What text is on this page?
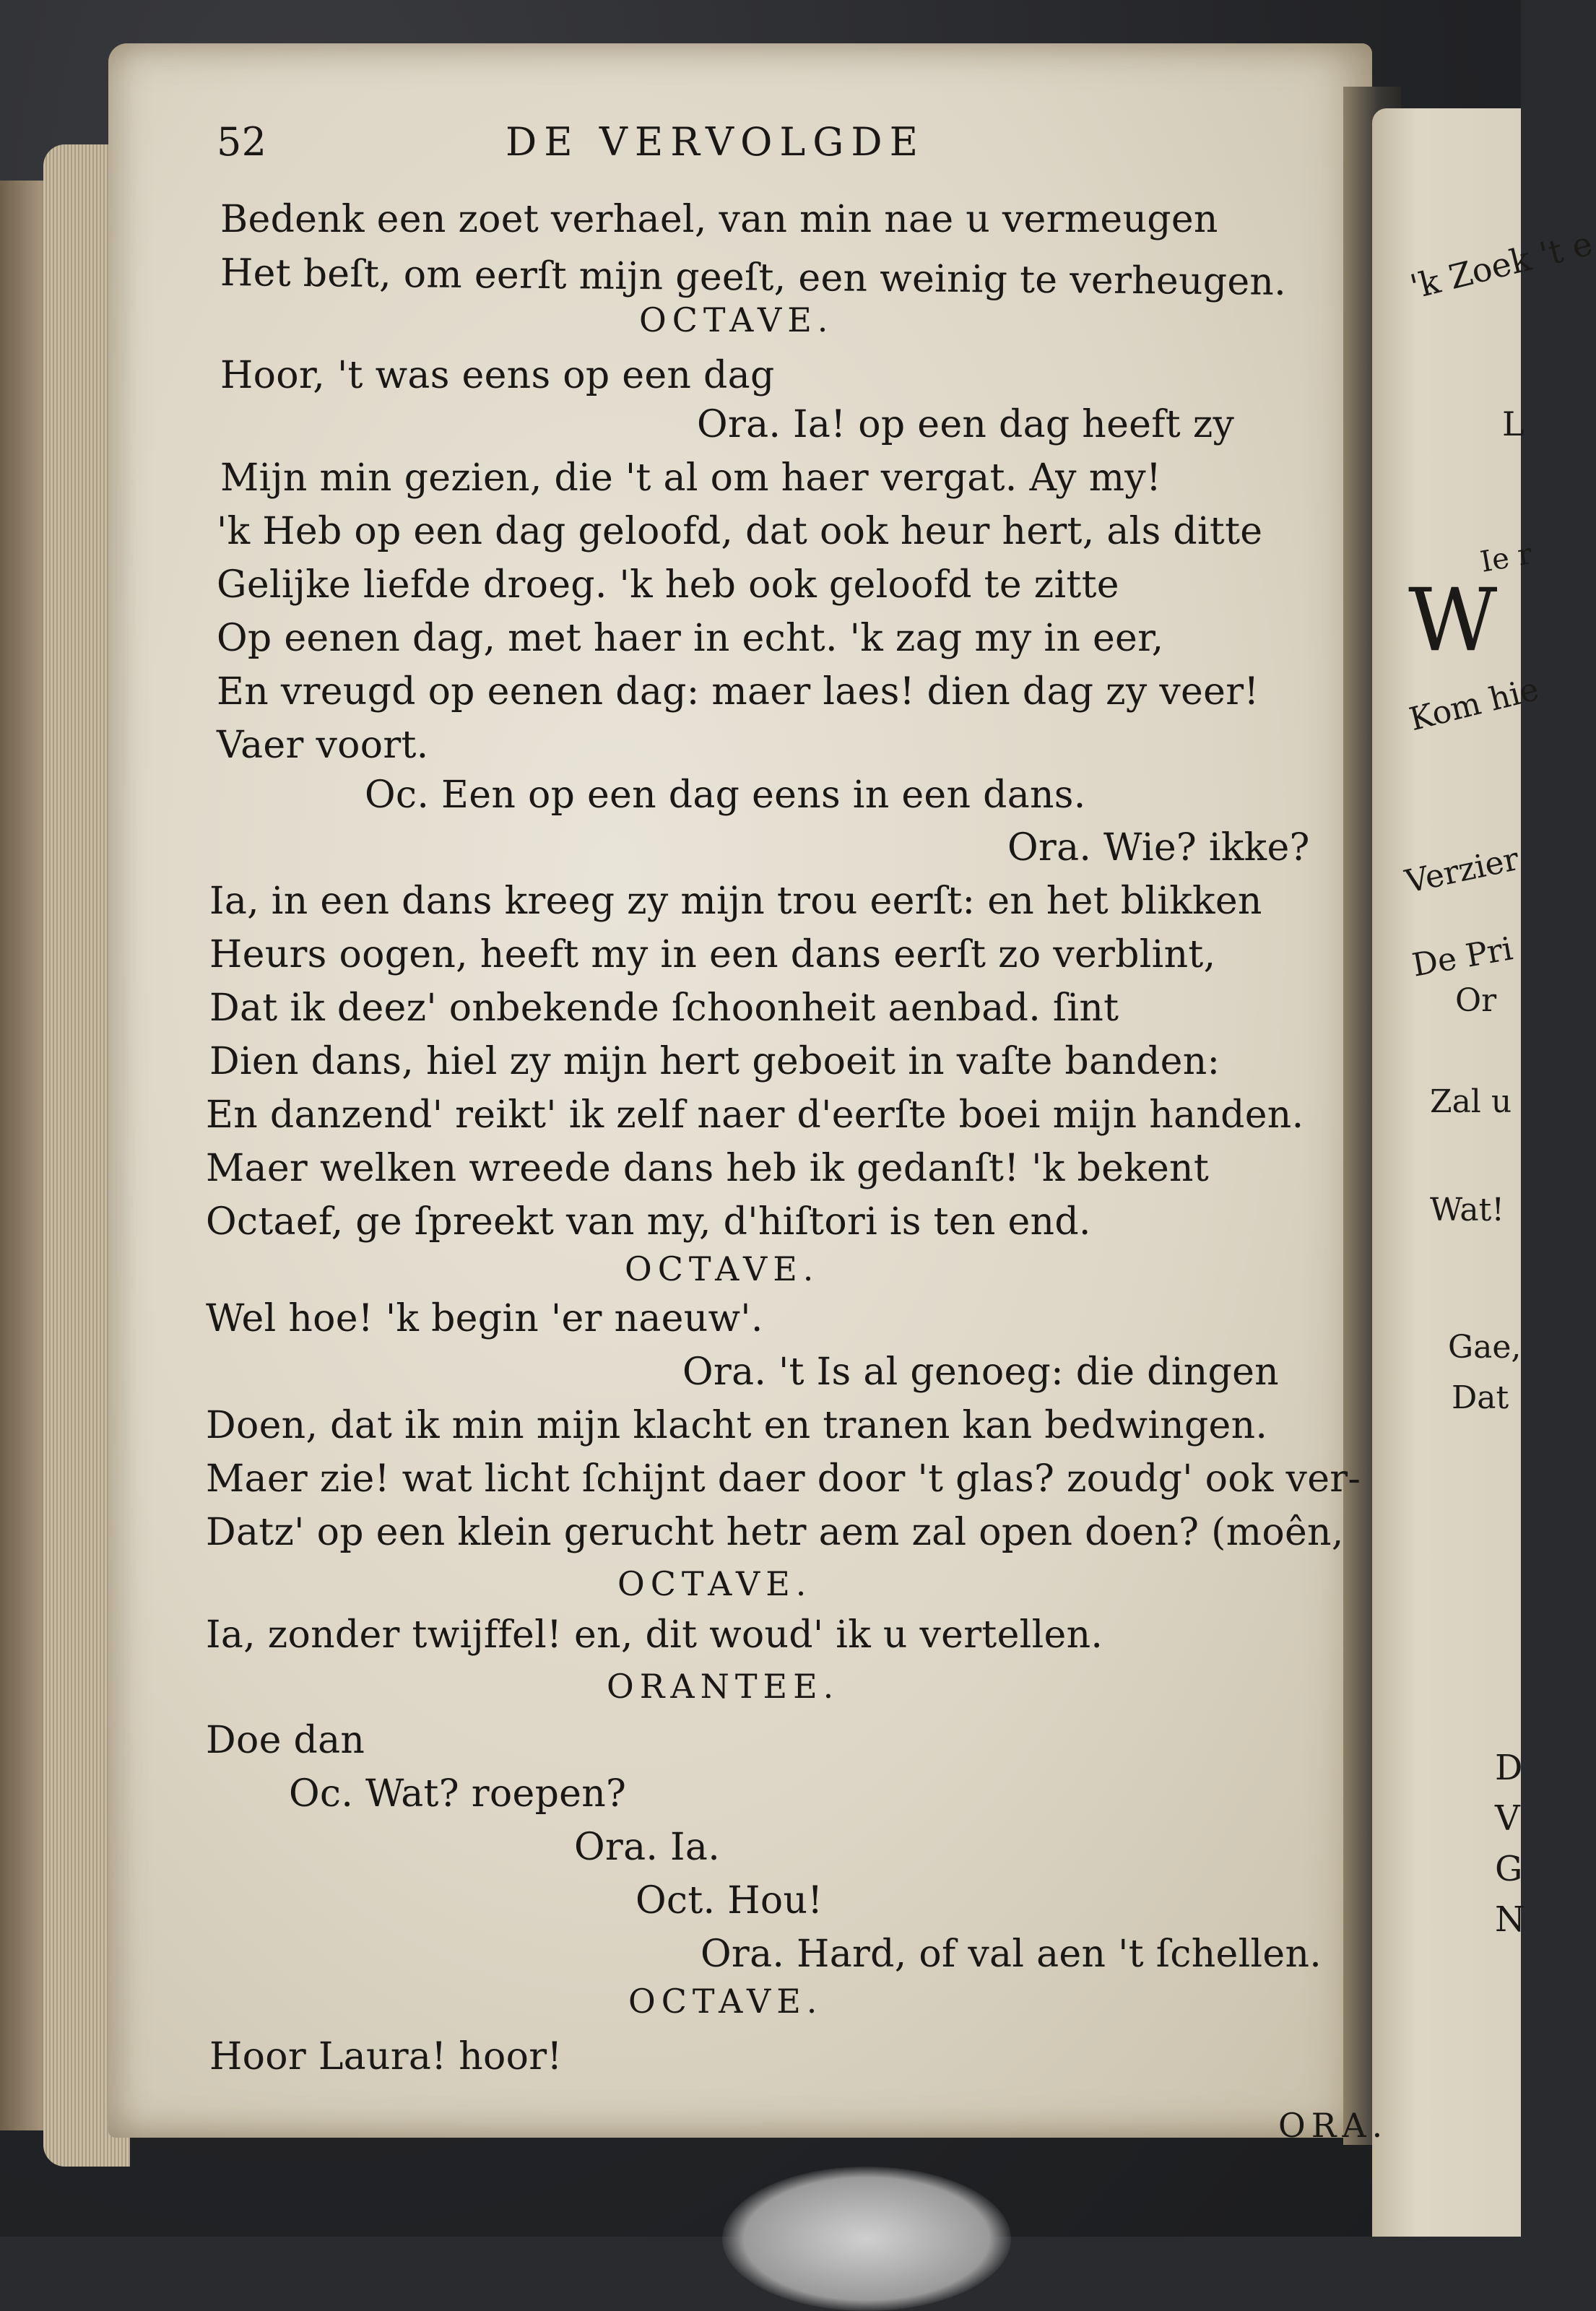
'k Zoek 't e
L
W
Ie r
Kom hie
Verzier
De Pri
Or
Zal u
Wat!
Gae,
Dat
D
V
G
N
52	DE VERVOLGDE
Bedenk een zoet verhael, van min nae u vermeugen
Het beſt, om eerſt mijn geeſt, een weinig te verheugen.
OCTAVE.
Hoor, 't was eens op een dag
Ora. Ia! op een dag heeft zy
Mijn min gezien, die 't al om haer vergat. Ay my!
'k Heb op een dag geloofd, dat ook heur hert, als ditte
Gelijke liefde droeg. 'k heb ook geloofd te zitte
Op eenen dag, met haer in echt. 'k zag my in eer,
En vreugd op eenen dag: maer laes! dien dag zy veer!
Vaer voort.
Oc. Een op een dag eens in een dans.
Ora. Wie? ikke?
Ia, in een dans kreeg zy mijn trou eerſt: en het blikken
Heurs oogen, heeft my in een dans eerſt zo verblint,
Dat ik deez' onbekende ſchoonheit aenbad. ſint
Dien dans, hiel zy mijn hert geboeit in vaſte banden:
En danzend' reikt' ik zelf naer d'eerſte boei mijn handen.
Maer welken wreede dans heb ik gedanſt! 'k bekent
Octaef, ge ſpreekt van my, d'hiſtori is ten end.
OCTAVE.
Wel hoe! 'k begin 'er naeuw'.
Ora. 't Is al genoeg: die dingen
Doen, dat ik min mijn klacht en tranen kan bedwingen.
Maer zie! wat licht ſchijnt daer door 't glas? zoudg' ook ver-
Datz' op een klein gerucht hetr aem zal open doen? (moên,
OCTAVE.
Ia, zonder twijffel! en, dit woud' ik u vertellen.
ORANTEE.
Doe dan
Oc. Wat? roepen?
Ora. Ia.
Oct. Hou!
Ora. Hard, of val aen 't ſchellen.
OCTAVE.
Hoor Laura! hoor!
ORA.
